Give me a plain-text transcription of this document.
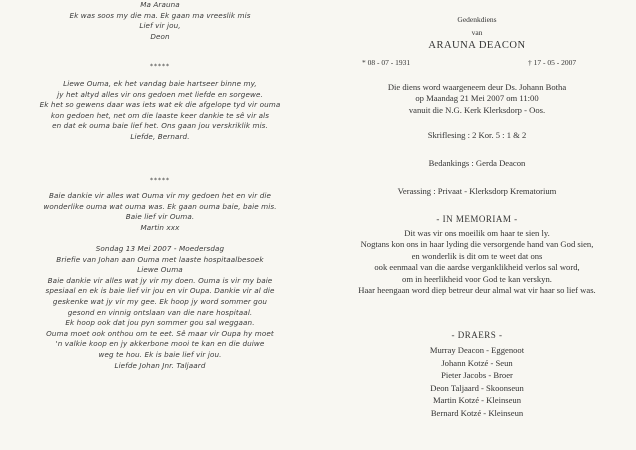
Ma Arauna
Ek was soos my die ma. Ek gaan ma vreeslik mis
Lief vir jou,
Deon
*****
Liewe Ouma, ek het vandag baie hartseer binne my,
jy het altyd alles vir ons gedoen met liefde en sorgewe.
Ek het so gewens daar was iets wat ek die afgelope tyd vir ouma
kon gedoen het, net om die laaste keer dankie te sê vir als
en dat ek ouma baie lief het. Ons gaan jou verskriklik mis.
Liefde, Bernard.
*****
Baie dankie vir alles wat Ouma vir my gedoen het en vir die
wonderlike ouma wat ouma was. Ek gaan ouma baie, baie mis.
Baie lief vir Ouma.
Martin xxx
Sondag 13 Mei 2007 - Moedersdag
Briefie van Johan aan Ouma met laaste hospitaalbesoek
Liewe Ouma
Baie dankie vir alles wat jy vir my doen. Ouma is vir my baie
spesiaal en ek is baie lief vir jou en vir Oupa. Dankie vir al die
geskenke wat jy vir my gee. Ek hoop jy word sommer gou
gesond en vinnig ontslaan van die nare hospitaal.
Ek hoop ook dat jou pyn sommer gou sal weggaan.
Ouma moet ook onthou om te eet. Sê maar vir Oupa hy moet
'n valkie koop en jy akkerbone mooi te kan en die duiwe
weg te hou. Ek is baie lief vir jou.
Liefde Johan Jnr. Taljaard
Gedenkdiens
van
ARAUNA DEACON
* 08 - 07 - 1931	† 17 - 05 - 2007
Die diens word waargeneem deur Ds. Johann Botha
op Maandag 21 Mei 2007 om 11:00
vanuit die N.G. Kerk Klerksdorp - Oos.
Skriflesing : 2 Kor. 5 : 1 & 2
Bedankings : Gerda Deacon
Verassing : Privaat - Klerksdorp Krematorium
- IN MEMORIAM -
Dit was vir ons moeilik om haar te sien ly.
Nogtans kon ons in haar lyding die versorgende hand van God sien,
en wonderlik is dit om te weet dat ons
ook eenmaal van die aardse verganklikheid verlos sal word,
om in heerlikheid voor God te kan verskyn.
Haar heengaan word diep betreur deur almal wat vir haar so lief was.
- DRAERS -
Murray Deacon - Eggenoot
Johann Kotzé - Seun
Pieter Jacobs - Broer
Deon Taljaard - Skoonseun
Martin Kotzé - Kleinseun
Bernard Kotzé - Kleinseun
